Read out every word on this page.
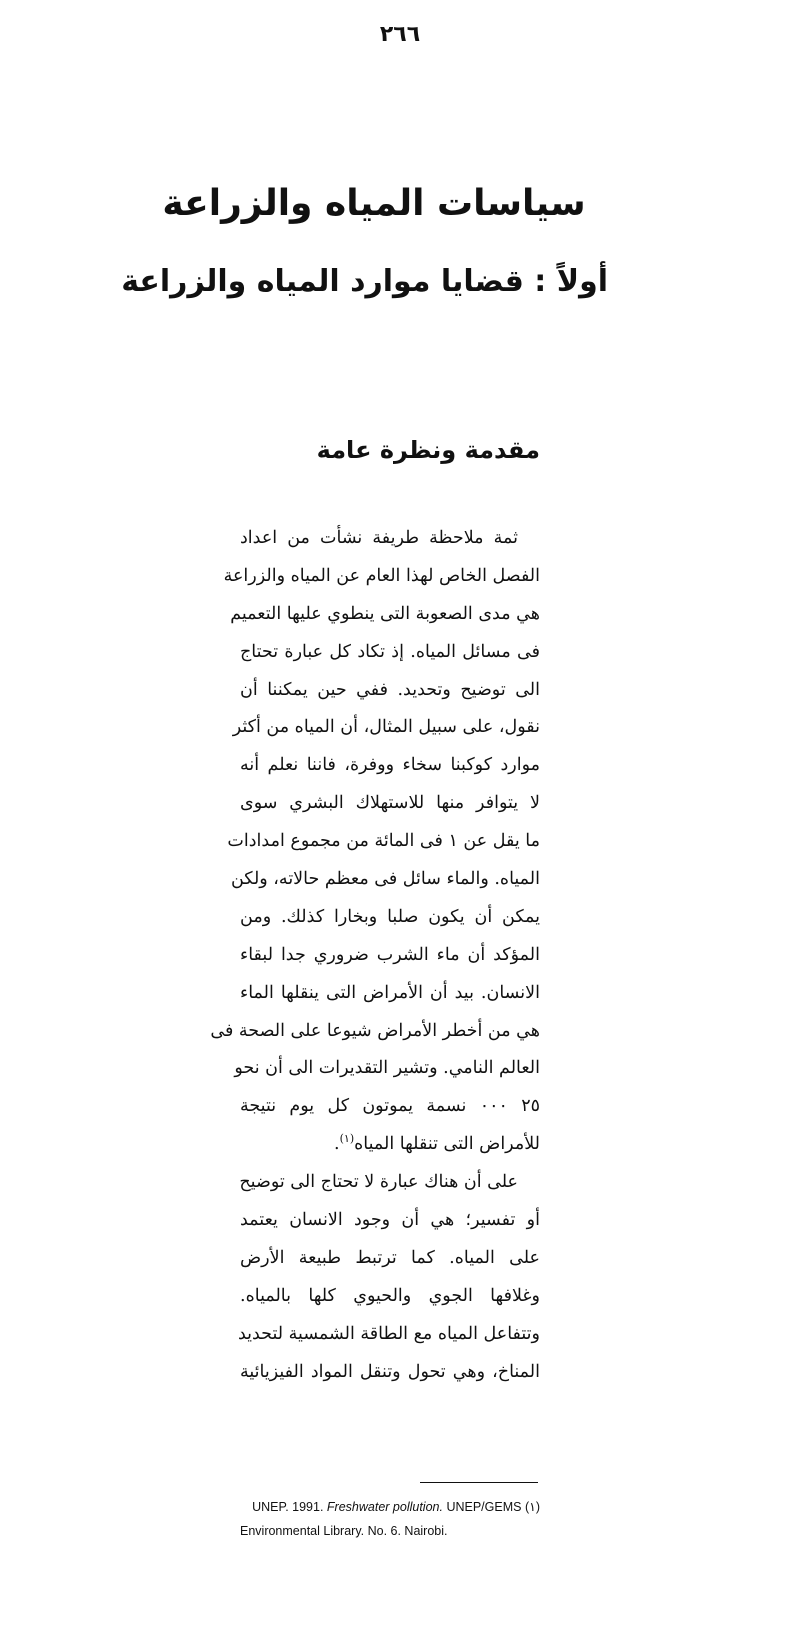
٢٦٦
سياسات المياه والزراعة
أولاً : قضايا موارد المياه والزراعة
مقدمة ونظرة عامة
ثمة ملاحظة طريفة نشأت من اعداد
الفصل الخاص لهذا العام عن المياه والزراعة
هي مدى الصعوبة التى ينطوي عليها التعميم
فى مسائل المياه. إذ تكاد كل عبارة تحتاج
الى توضيح وتحديد. ففي حين يمكننا أن
نقول، على سبيل المثال، أن المياه من أكثر
موارد كوكبنا سخاء ووفرة، فاننا نعلم أنه
لا يتوافر منها للاستهلاك البشري سوى
ما يقل عن ١ فى المائة من مجموع امدادات
المياه. والماء سائل فى معظم حالاته، ولكن
يمكن أن يكون صلبا وبخارا كذلك. ومن
المؤكد أن ماء الشرب ضروري جدا لبقاء
الانسان. بيد أن الأمراض التى ينقلها الماء
هي من أخطر الأمراض شيوعا على الصحة فى
العالم النامي. وتشير التقديرات الى أن نحو
٢٥ ٠٠٠ نسمة يموتون كل يوم نتيجة
للأمراض التى تنقلها المياه$^{(١)}$.
على أن هناك عبارة لا تحتاج الى توضيح
أو تفسير؛ هي أن وجود الانسان يعتمد
على المياه. كما ترتبط طبيعة الأرض
وغلافها الجوي والحيوي كلها بالمياه.
وتتفاعل المياه مع الطاقة الشمسية لتحديد
المناخ، وهي تحول وتنقل المواد الفيزيائية
UNEP. 1991. Freshwater pollution. UNEP/GEMS (١)
Environmental Library. No. 6. Nairobi.
